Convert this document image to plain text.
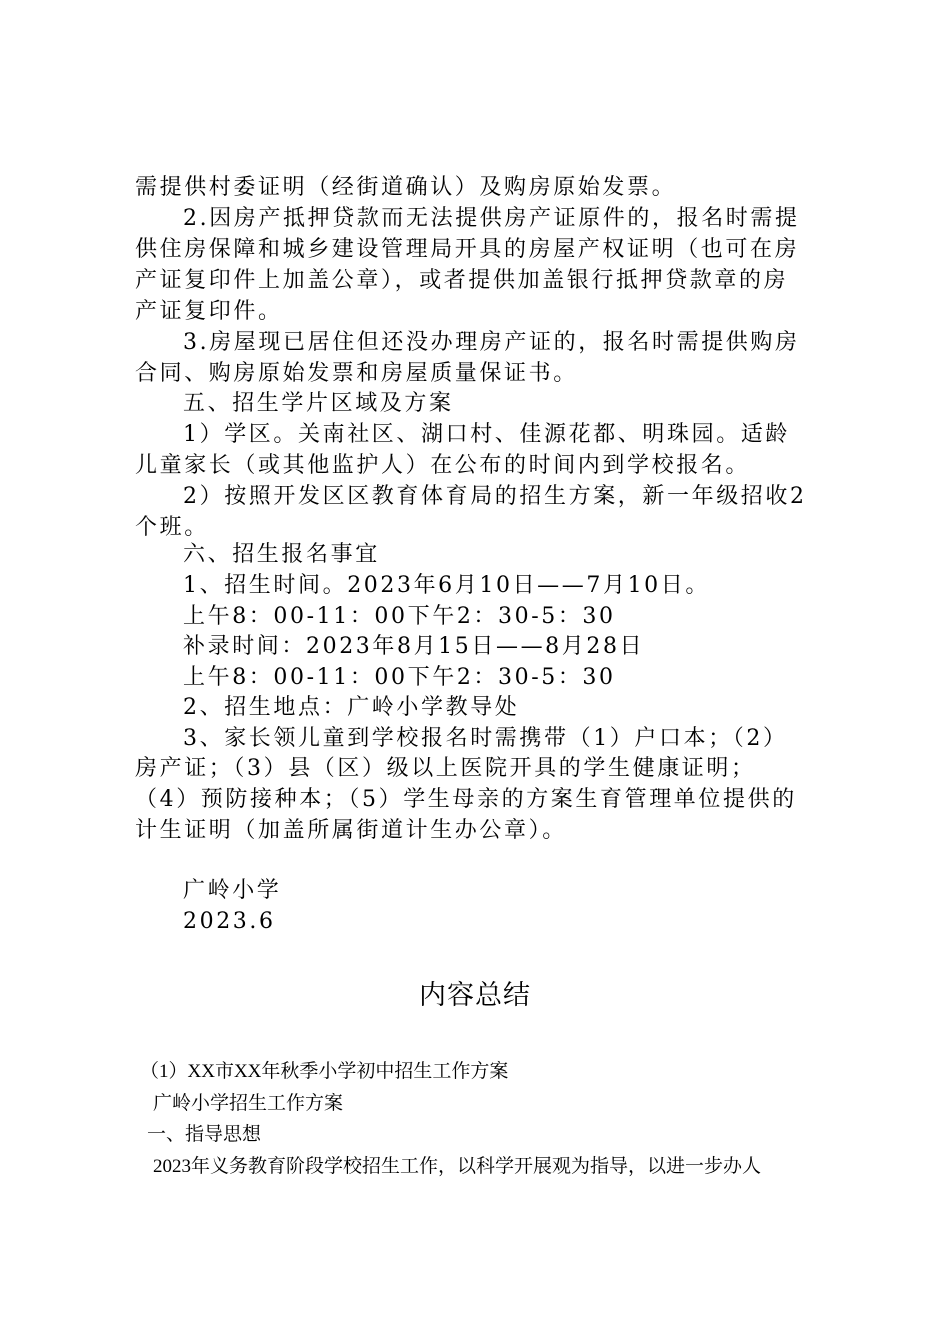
需提供村委证明（经街道确认）及购房原始发票。
2.因房产抵押贷款而无法提供房产证原件的，报名时需提
供住房保障和城乡建设管理局开具的房屋产权证明（也可在房
产证复印件上加盖公章），或者提供加盖银行抵押贷款章的房
产证复印件。
3.房屋现已居住但还没办理房产证的，报名时需提供购房
合同、购房原始发票和房屋质量保证书。
五、招生学片区域及方案
1）学区。关南社区、湖口村、佳源花都、明珠园。适龄
儿童家长（或其他监护人）在公布的时间内到学校报名。
2）按照开发区区教育体育局的招生方案，新一年级招收2
个班。
六、招生报名事宜
1、招生时间。2023年6月10日——7月10日。
上午8：00-11：00下午2：30-5：30
补录时间：2023年8月15日——8月28日
上午8：00-11：00下午2：30-5：30
2、招生地点：广岭小学教导处
3、家长领儿童到学校报名时需携带（1）户口本；（2）
房产证；（3）县（区）级以上医院开具的学生健康证明；
（4）预防接种本；（5）学生母亲的方案生育管理单位提供的
计生证明（加盖所属街道计生办公章）。
广岭小学
2023.6
内容总结
（1）XX市XX年秋季小学初中招生工作方案
广岭小学招生工作方案
一、指导思想
2023年义务教育阶段学校招生工作，以科学开展观为指导，以进一步办人
